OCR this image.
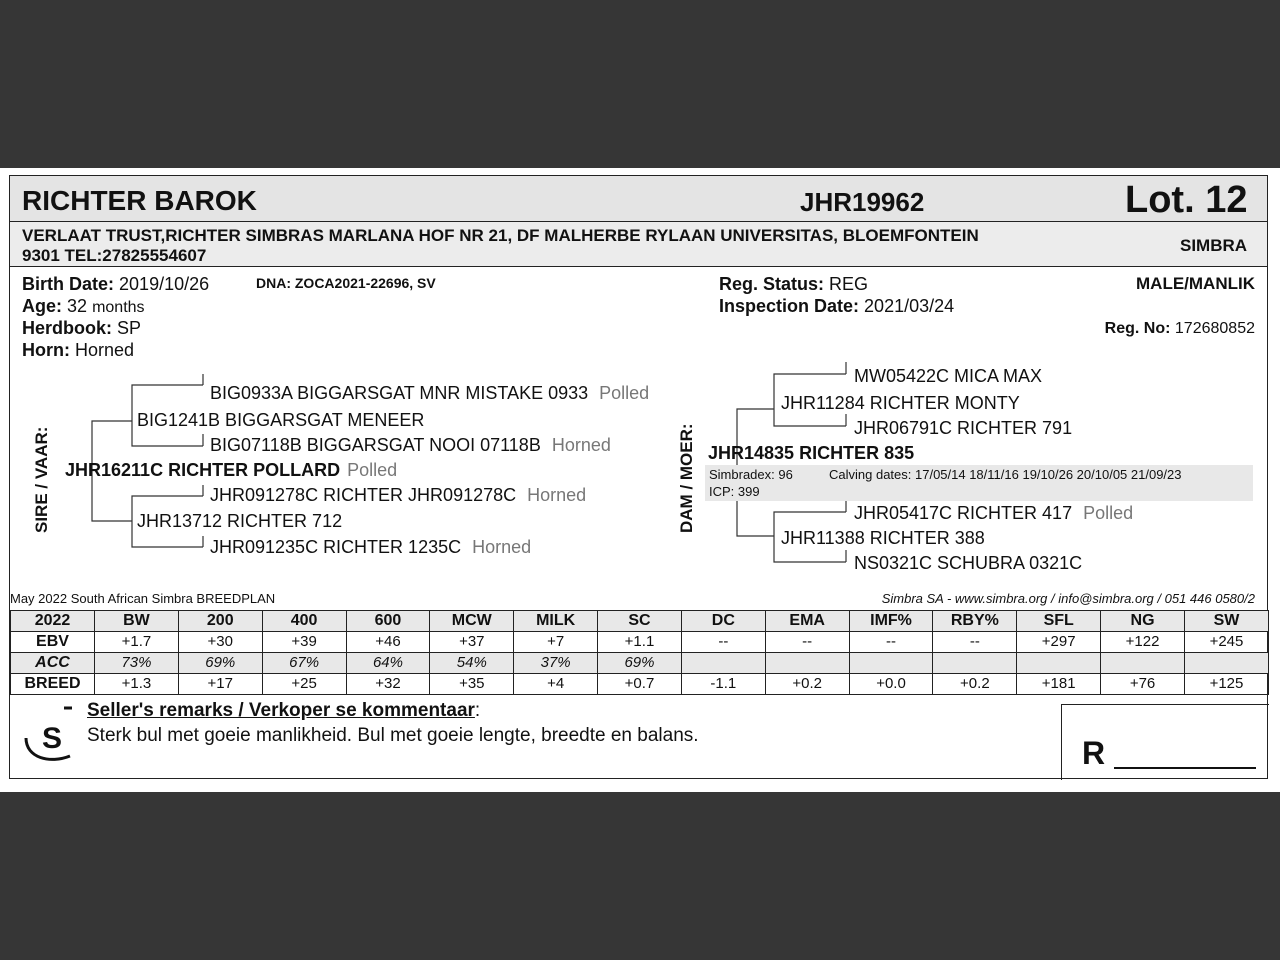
RICHTER BAROK	JHR19962	Lot. 12
VERLAAT TRUST,RICHTER SIMBRAS MARLANA HOF NR 21, DF MALHERBE RYLAAN UNIVERSITAS, BLOEMFONTEIN
9301 TEL:27825554607
SIMBRA
Birth Date: 2019/10/26	DNA: ZOCA2021-22696, SV
Age: 32 months
Herdbook: SP
Horn: Horned
Reg. Status: REG
Inspection Date: 2021/03/24
MALE/MANLIK
Reg. No: 172680852
SIRE / VAAR:
BIG0933A BIGGARSGAT MNR MISTAKE 0933 Polled
BIG1241B BIGGARSGAT MENEER
BIG07118B BIGGARSGAT NOOI 07118B Horned
JHR16211C RICHTER POLLARD Polled
JHR091278C RICHTER JHR091278C Horned
JHR13712 RICHTER 712
JHR091235C RICHTER 1235C Horned
DAM / MOER:
MW05422C MICA MAX
JHR11284 RICHTER MONTY
JHR06791C RICHTER 791
JHR14835 RICHTER 835
Simbradex: 96	Calving dates: 17/05/14 18/11/16 19/10/26 20/10/05 21/09/23
ICP: 399
JHR05417C RICHTER 417 Polled
JHR11388 RICHTER 388
NS0321C SCHUBRA 0321C
May 2022 South African Simbra BREEDPLAN	Simbra SA - www.simbra.org / info@simbra.org / 051 446 0580/2
2022	BW	200	400	600	MCW	MILK	SC	DC	EMA	IMF%	RBY%	SFL	NG	SW
EBV	+1.7	+30	+39	+46	+37	+7	+1.1	--	--	--	--	+297	+122	+245
ACC	73%	69%	67%	64%	54%	37%	69%							
BREED	+1.3	+17	+25	+32	+35	+4	+0.7	-1.1	+0.2	+0.0	+0.2	+181	+76	+125
S
Seller's remarks / Verkoper se kommentaar:
Sterk bul met goeie manlikheid. Bul met goeie lengte, breedte en balans.	R
